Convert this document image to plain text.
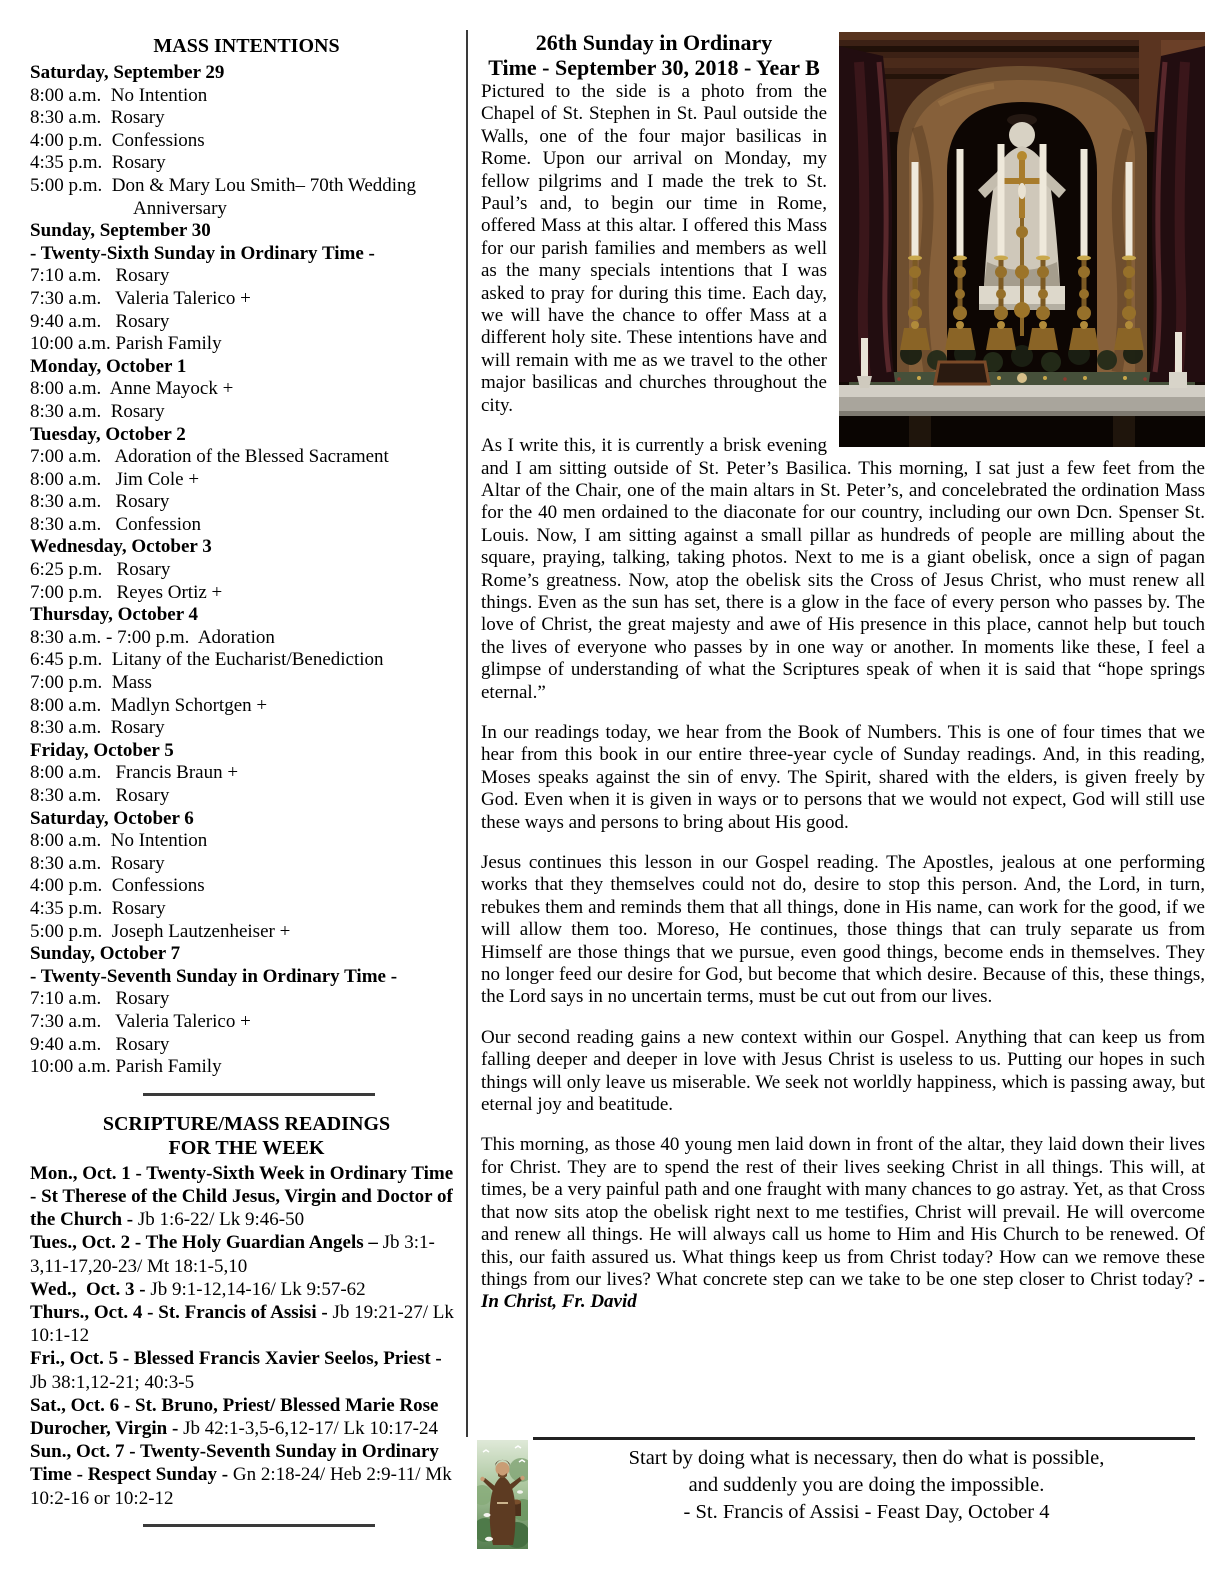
MASS INTENTIONS
Saturday, September 29
8:00 a.m.  No Intention
8:30 a.m.  Rosary
4:00 p.m.  Confessions
4:35 p.m.  Rosary
5:00 p.m.  Don & Mary Lou Smith– 70th Wedding Anniversary
Sunday, September 30
- Twenty-Sixth Sunday in Ordinary Time -
7:10 a.m.   Rosary
7:30 a.m.   Valeria Talerico +
9:40 a.m.   Rosary
10:00 a.m. Parish Family
Monday, October 1
8:00 a.m.  Anne Mayock +
8:30 a.m.  Rosary
Tuesday, October 2
7:00 a.m.   Adoration of the Blessed Sacrament
8:00 a.m.   Jim Cole +
8:30 a.m.   Rosary
8:30 a.m.   Confession
Wednesday, October 3
6:25 p.m.   Rosary
7:00 p.m.   Reyes Ortiz +
Thursday, October 4
8:30 a.m. - 7:00 p.m.  Adoration
6:45 p.m.  Litany of the Eucharist/Benediction
7:00 p.m.  Mass
8:00 a.m.  Madlyn Schortgen +
8:30 a.m.  Rosary
Friday, October 5
8:00 a.m.   Francis Braun +
8:30 a.m.   Rosary
Saturday, October 6
8:00 a.m.  No Intention
8:30 a.m.  Rosary
4:00 p.m.  Confessions
4:35 p.m.  Rosary
5:00 p.m.  Joseph Lautzenheiser +
Sunday, October 7
- Twenty-Seventh Sunday in Ordinary Time -
7:10 a.m.   Rosary
7:30 a.m.   Valeria Talerico +
9:40 a.m.   Rosary
10:00 a.m. Parish Family
SCRIPTURE/MASS READINGS
FOR THE WEEK
Mon., Oct. 1 - Twenty-Sixth Week in Ordinary Time - St Therese of the Child Jesus, Virgin and Doctor of the Church - Jb 1:6-22/ Lk 9:46-50
Tues., Oct. 2 - The Holy Guardian Angels – Jb 3:1-3,11-17,20-23/ Mt 18:1-5,10
Wed.,  Oct. 3 - Jb 9:1-12,14-16/ Lk 9:57-62
Thurs., Oct. 4 - St. Francis of Assisi - Jb 19:21-27/ Lk 10:1-12
Fri., Oct. 5 - Blessed Francis Xavier Seelos, Priest - Jb 38:1,12-21; 40:3-5
Sat., Oct. 6 - St. Bruno, Priest/ Blessed Marie Rose Durocher, Virgin - Jb 42:1-3,5-6,12-17/ Lk 10:17-24
Sun., Oct. 7 - Twenty-Seventh Sunday in Ordinary Time - Respect Sunday - Gn 2:18-24/ Heb 2:9-11/ Mk 10:2-16 or 10:2-12
26th Sunday in Ordinary
Time - September 30, 2018 - Year B

Pictured to the side is a photo from the Chapel of St. Stephen in St. Paul outside the Walls, one of the four major basilicas in Rome. Upon our arrival on Monday, my fellow pilgrims and I made the trek to St. Paul’s and, to begin our time in Rome, offered Mass at this altar. I offered this Mass for our parish families and members as well as the many specials intentions that I was asked to pray for during this time. Each day, we will have the chance to offer Mass at a different holy site. These intentions have and will remain with me as we travel to the other major basilicas and churches throughout the city.

As I write this, it is currently a brisk evening and I am sitting outside of St. Peter’s Basilica. This morning, I sat just a few feet from the Altar of the Chair, one of the main altars in St. Peter’s, and concelebrated the ordination Mass for the 40 men ordained to the diaconate for our country, including our own Dcn. Spenser St. Louis. Now, I am sitting against a small pillar as hundreds of people are milling about the square, praying, talking, taking photos. Next to me is a giant obelisk, once a sign of pagan Rome’s greatness. Now, atop the obelisk sits the Cross of Jesus Christ, who must renew all things. Even as the sun has set, there is a glow in the face of every person who passes by. The love of Christ, the great majesty and awe of His presence in this place, cannot help but touch the lives of everyone who passes by in one way or another. In moments like these, I feel a glimpse of understanding of what the Scriptures speak of when it is said that “hope springs eternal.”

In our readings today, we hear from the Book of Numbers. This is one of four times that we hear from this book in our entire three-year cycle of Sunday readings. And, in this reading, Moses speaks against the sin of envy. The Spirit, shared with the elders, is given freely by God. Even when it is given in ways or to persons that we would not expect, God will still use these ways and persons to bring about His good.

Jesus continues this lesson in our Gospel reading. The Apostles, jealous at one performing works that they themselves could not do, desire to stop this person. And, the Lord, in turn, rebukes them and reminds them that all things, done in His name, can work for the good, if we will allow them too. Moreso, He continues, those things that can truly separate us from Himself are those things that we pursue, even good things, become ends in themselves. They no longer feed our desire for God, but become that which desire. Because of this, these things, the Lord says in no uncertain terms, must be cut out from our lives.

Our second reading gains a new context within our Gospel. Anything that can keep us from falling deeper and deeper in love with Jesus Christ is useless to us. Putting our hopes in such things will only leave us miserable. We seek not worldly happiness, which is passing away, but eternal joy and beatitude.

This morning, as those 40 young men laid down in front of the altar, they laid down their lives for Christ. They are to spend the rest of their lives seeking Christ in all things. This will, at times, be a very painful path and one fraught with many chances to go astray. Yet, as that Cross that now sits atop the obelisk right next to me testifies, Christ will prevail. He will overcome and renew all things. He will always call us home to Him and His Church to be renewed. Of this, our faith assured us. What things keep us from Christ today? How can we remove these things from our lives? What concrete step can we take to be one step closer to Christ today? - In Christ, Fr. David

Start by doing what is necessary, then do what is possible,
and suddenly you are doing the impossible.
- St. Francis of Assisi - Feast Day, October 4
